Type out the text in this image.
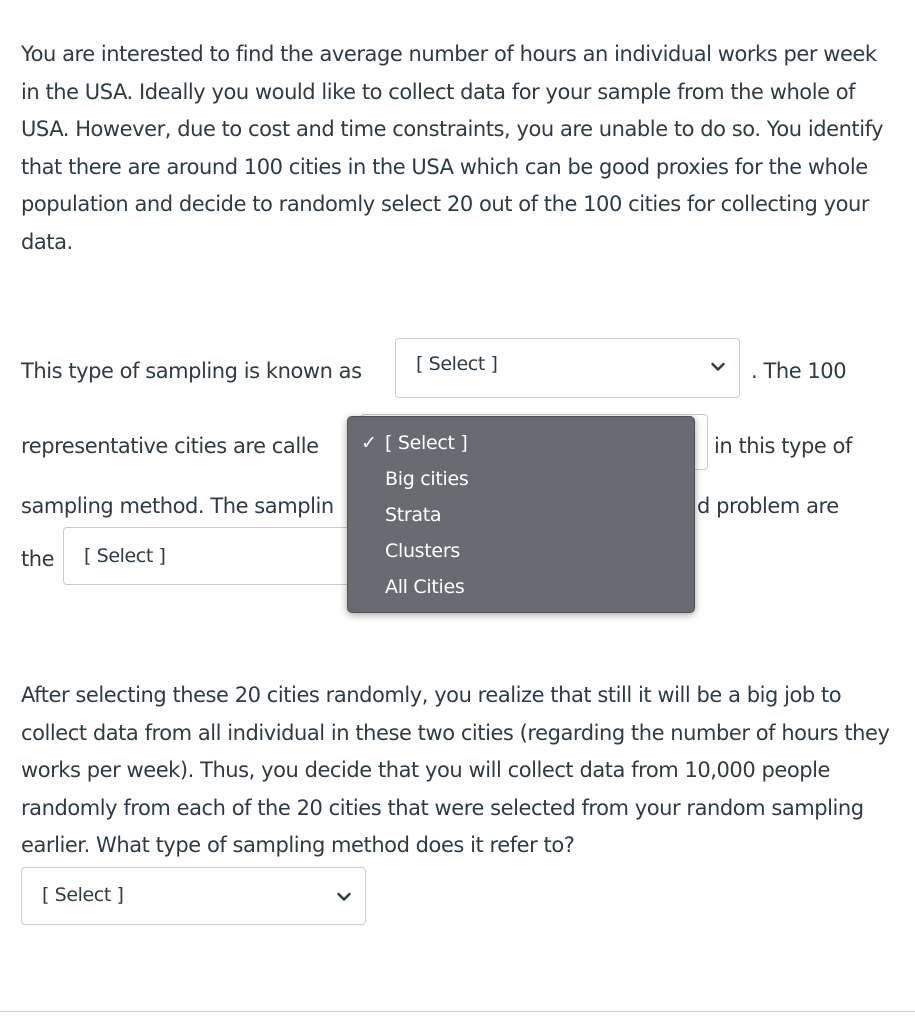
You are interested to find the average number of hours an individual works per week in the USA. Ideally you would like to collect data for your sample from the whole of USA. However, due to cost and time constraints, you are unable to do so. You identify that there are around 100 cities in the USA which can be good proxies for the whole population and decide to randomly select 20 out of the 100 cities for collecting your data.

This type of sampling is known as	[ Select ]	. The 100
representative cities are calle	in this type of
sampling method. The samplin	d problem are
the [ Select ]
✓ [ Select ]
Big cities
Strata
Clusters
All Cities

After selecting these 20 cities randomly, you realize that still it will be a big job to collect data from all individual in these two cities (regarding the number of hours they works per week). Thus, you decide that you will collect data from 10,000 people randomly from each of the 20 cities that were selected from your random sampling earlier. What type of sampling method does it refer to?

[ Select ]
